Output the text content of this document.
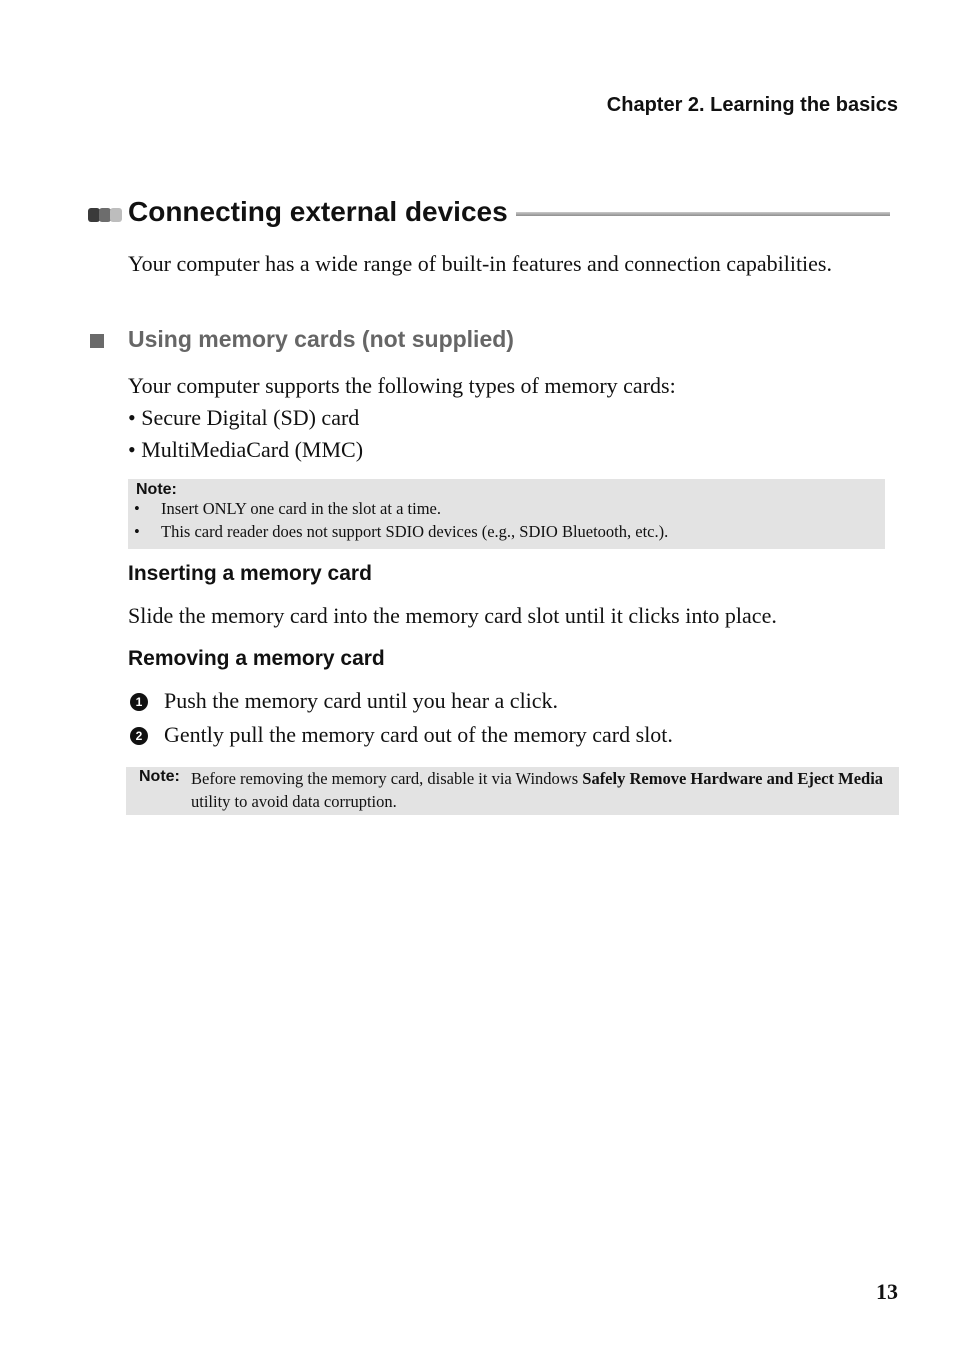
Chapter 2. Learning the basics
Connecting external devices
Your computer has a wide range of built-in features and connection capabilities.
Using memory cards (not supplied)
Your computer supports the following types of memory cards:
• Secure Digital (SD) card
• MultiMediaCard (MMC)
Note:
• Insert ONLY one card in the slot at a time.
• This card reader does not support SDIO devices (e.g., SDIO Bluetooth, etc.).
Inserting a memory card
Slide the memory card into the memory card slot until it clicks into place.
Removing a memory card
1 Push the memory card until you hear a click.
2 Gently pull the memory card out of the memory card slot.
Note: Before removing the memory card, disable it via Windows Safely Remove Hardware and Eject Media utility to avoid data corruption.
13
